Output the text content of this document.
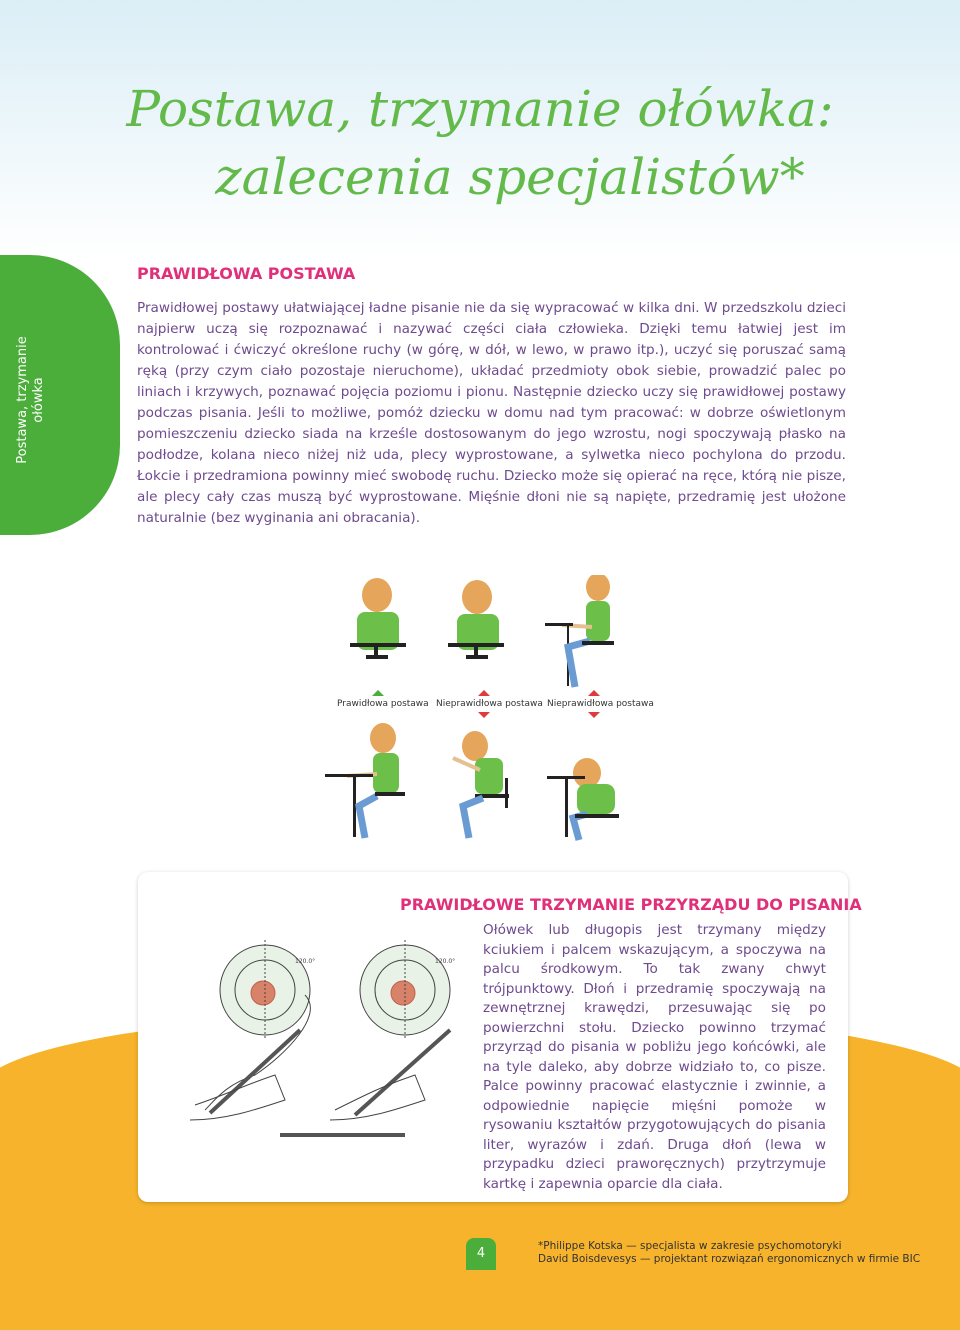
Postawa, trzymanie ołówka:
zalecenia specjalistów*
Postawa, trzymanie ołówka
PRAWIDŁOWA POSTAWA

Prawidłowej postawy ułatwiającej ładne pisanie nie da się wypracować w kilka dni. W przedszkolu dzieci najpierw uczą się rozpoznawać i nazywać części ciała człowieka. Dzięki temu łatwiej jest im kontrolować i ćwiczyć określone ruchy (w górę, w dół, w lewo, w prawo itp.), uczyć się poruszać samą ręką (przy czym ciało pozostaje nieruchome), układać przedmioty obok siebie, prowadzić palec po liniach i krzywych, poznawać pojęcia poziomu i pionu. Następnie dziecko uczy się prawidłowej postawy podczas pisania. Jeśli to możliwe, pomóż dziecku w domu nad tym pracować: w dobrze oświetlonym pomieszczeniu dziecko siada na krześle dostosowanym do jego wzrostu, nogi spoczywają płasko na podłodze, kolana nieco niżej niż uda, plecy wyprostowane, a sylwetka nieco pochylona do przodu. Łokcie i przedramiona powinny mieć swobodę ruchu. Dziecko może się opierać na ręce, którą nie pisze, ale plecy cały czas muszą być wyprostowane. Mięśnie dłoni nie są napięte, przedramię jest ułożone naturalnie (bez wyginania ani obracania).

Prawidłowa postawa Nieprawidłowa postawa Nieprawidłowa postawa
PRAWIDŁOWE TRZYMANIE PRZYRZĄDU DO PISANIA
120.0°	120.0°

Ołówek lub długopis jest trzymany między kciukiem i palcem wskazującym, a spoczywa na palcu środkowym. To tak zwany chwyt trójpunktowy. Dłoń i przedramię spoczywają na zewnętrznej krawędzi, przesuwając się po powierzchni stołu. Dziecko powinno trzymać przyrząd do pisania w pobliżu jego końcówki, ale na tyle daleko, aby dobrze widziało to, co pisze. Palce powinny pracować elastycznie i zwinnie, a odpowiednie napięcie mięśni pomoże w rysowaniu kształtów przygotowujących do pisania liter, wyrazów i zdań. Druga dłoń (lewa w przypadku dzieci praworęcznych) przytrzymuje kartkę i zapewnia oparcie dla ciała.

4	*Philippe Kotska — specjalista w zakresie psychomotoryki
David Boisdevesys — projektant rozwiązań ergonomicznych w firmie BIC
